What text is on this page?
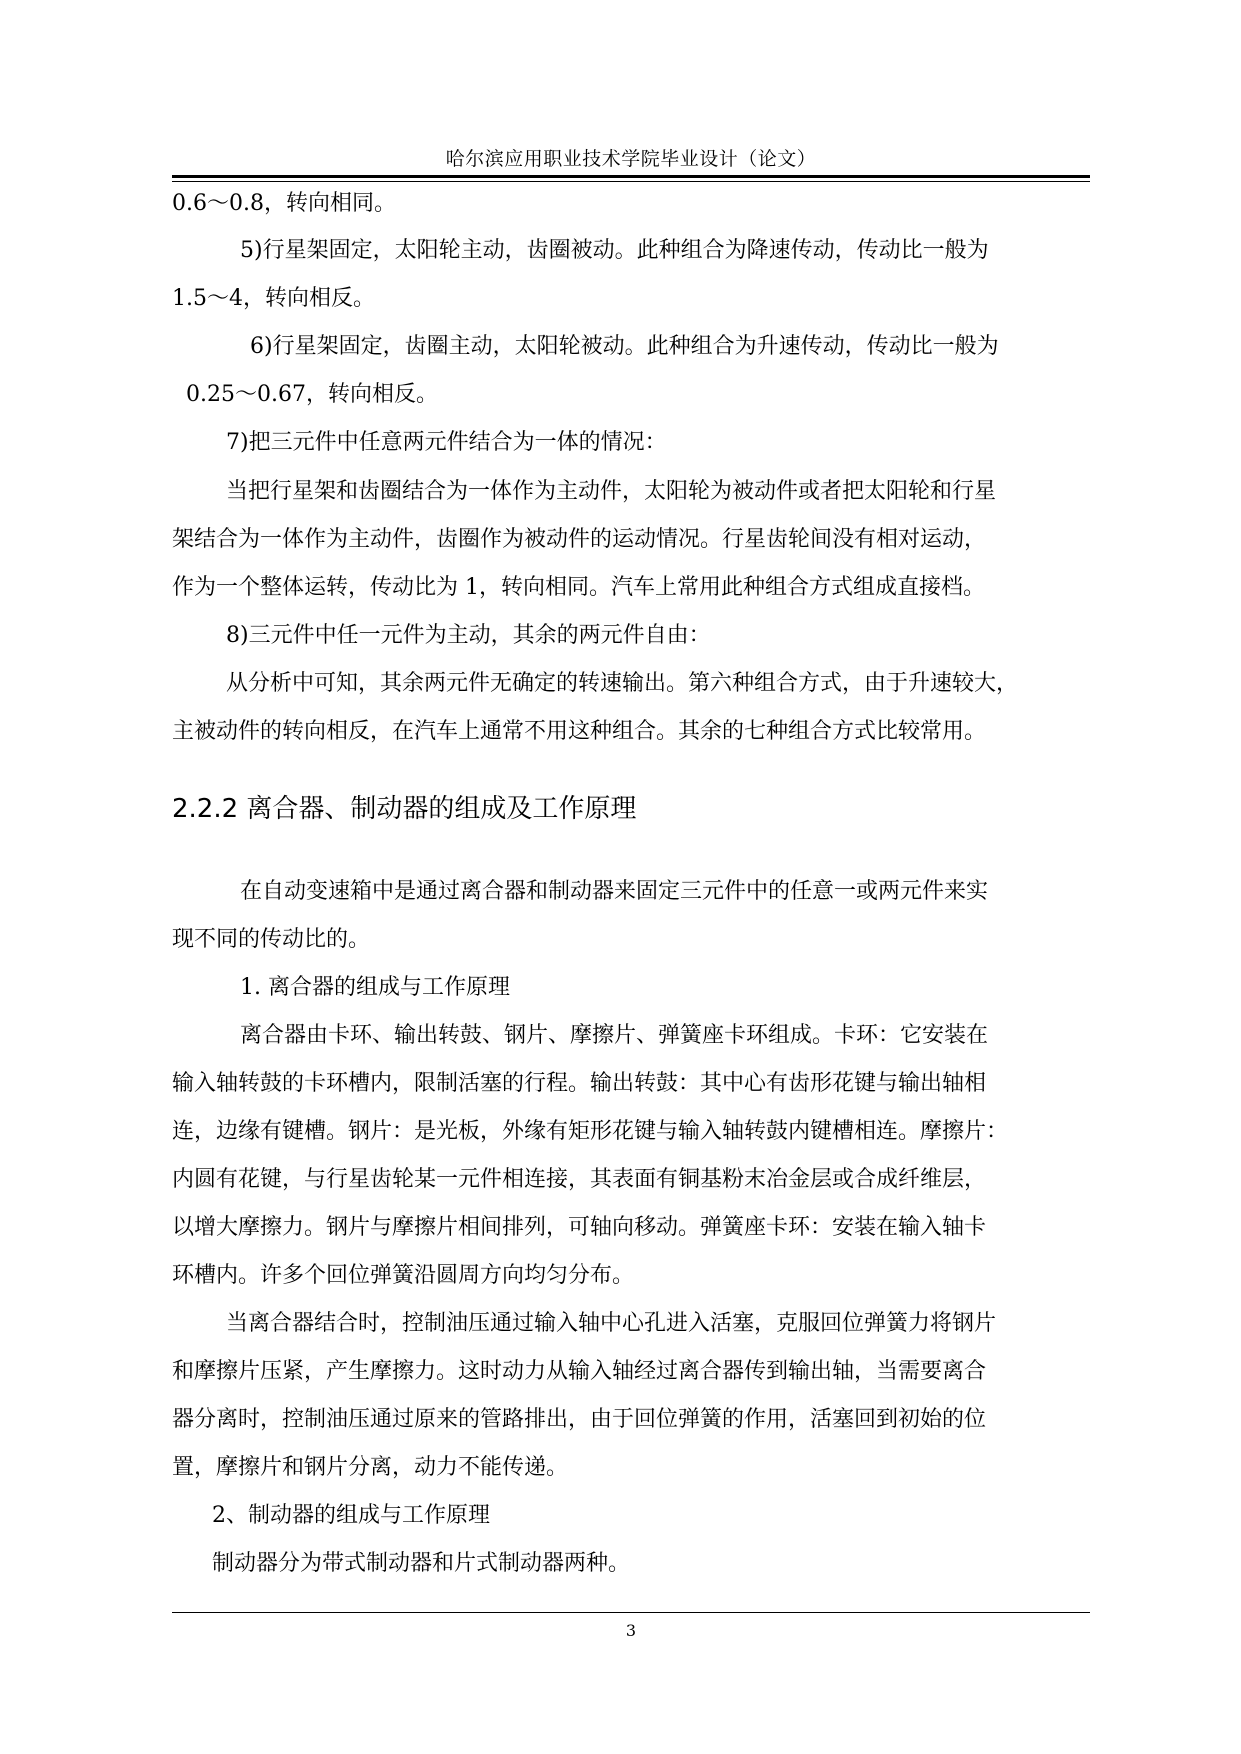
哈尔滨应用职业技术学院毕业设计（论文）
0.6～0.8，转向相同。
5)行星架固定，太阳轮主动，齿圈被动。此种组合为降速传动，传动比一般为
1.5～4，转向相反。
6)行星架固定，齿圈主动，太阳轮被动。此种组合为升速传动，传动比一般为
0.25～0.67，转向相反。
7)把三元件中任意两元件结合为一体的情况：
当把行星架和齿圈结合为一体作为主动件，太阳轮为被动件或者把太阳轮和行星
架结合为一体作为主动件，齿圈作为被动件的运动情况。行星齿轮间没有相对运动，
作为一个整体运转，传动比为 1，转向相同。汽车上常用此种组合方式组成直接档。
8)三元件中任一元件为主动，其余的两元件自由：
从分析中可知，其余两元件无确定的转速输出。第六种组合方式，由于升速较大，
主被动件的转向相反，在汽车上通常不用这种组合。其余的七种组合方式比较常用。
2.2.2 离合器、制动器的组成及工作原理
在自动变速箱中是通过离合器和制动器来固定三元件中的任意一或两元件来实
现不同的传动比的。
1. 离合器的组成与工作原理
离合器由卡环、输出转鼓、钢片、摩擦片、弹簧座卡环组成。卡环：它安装在
输入轴转鼓的卡环槽内，限制活塞的行程。输出转鼓：其中心有齿形花键与输出轴相
连，边缘有键槽。钢片：是光板，外缘有矩形花键与输入轴转鼓内键槽相连。摩擦片：
内圆有花键，与行星齿轮某一元件相连接，其表面有铜基粉末冶金层或合成纤维层，
以增大摩擦力。钢片与摩擦片相间排列，可轴向移动。弹簧座卡环：安装在输入轴卡
环槽内。许多个回位弹簧沿圆周方向均匀分布。
当离合器结合时，控制油压通过输入轴中心孔进入活塞，克服回位弹簧力将钢片
和摩擦片压紧，产生摩擦力。这时动力从输入轴经过离合器传到输出轴，当需要离合
器分离时，控制油压通过原来的管路排出，由于回位弹簧的作用，活塞回到初始的位
置，摩擦片和钢片分离，动力不能传递。
2、制动器的组成与工作原理
制动器分为带式制动器和片式制动器两种。
3
